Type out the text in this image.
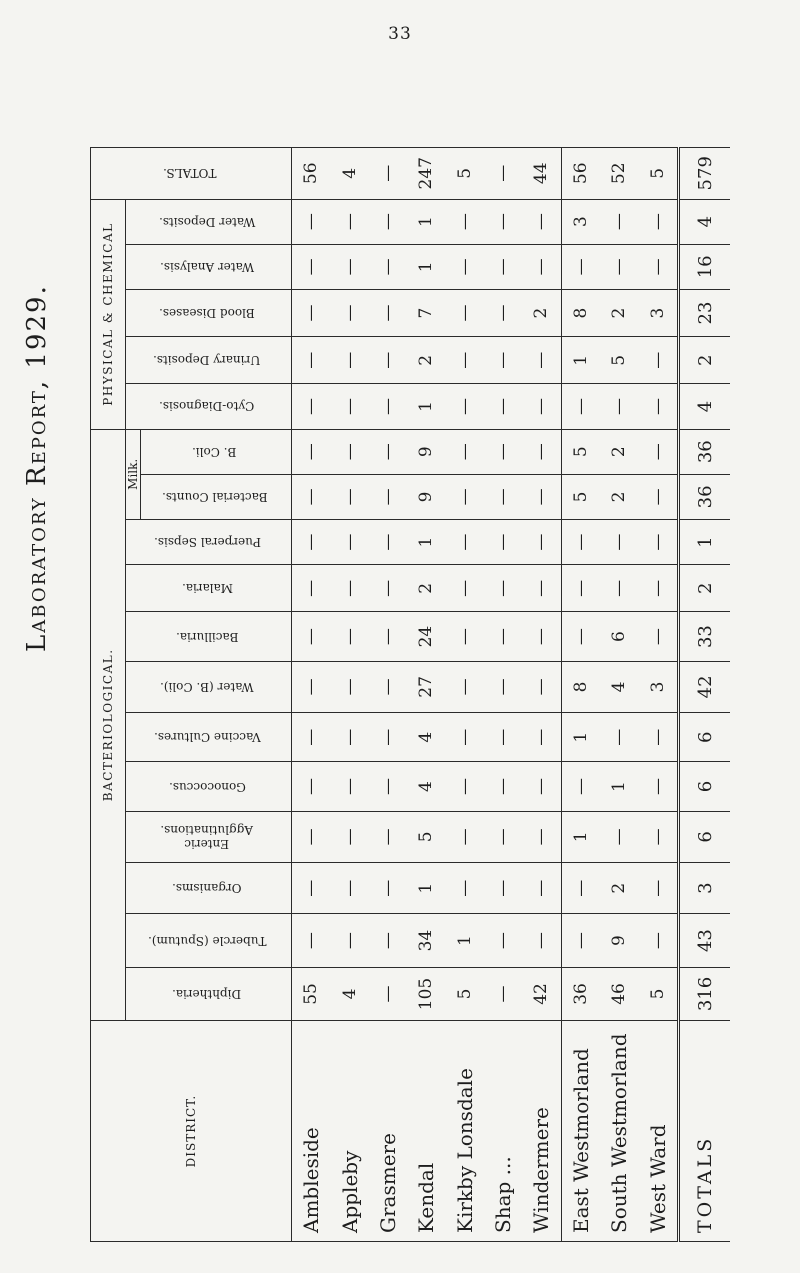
33
Laboratory Report, 1929.
DISTRICT.	BACTERIOLOGICAL.												PHYSICAL & CHEMICAL					TOTALS.
	Diphtheria.	Tubercle (Sputum).	Organisms.	Enteric Agglutinations.	Gonococcus.	Vaccine Cultures.	Water (B. Coli).	Bacilluria.	Malaria.	Puerperal Sepsis.	Milk.		Cyto-Diagnosis.	Urinary Deposits.	Blood Diseases.	Water Analysis.	Water Deposits.	
											Bacterial Counts.	B. Coli.						
Ambleside	55	—	—	—	—	—	—	—	—	—	—	—	—	—	—	—	—	56
Appleby	4	—	—	—	—	—	—	—	—	—	—	—	—	—	—	—	—	4
Grasmere	—	—	—	—	—	—	—	—	—	—	—	—	—	—	—	—	—	—
Kendal	105	34	1	5	4	4	27	24	2	1	9	9	1	2	7	1	1	247
Kirkby Lonsdale	5	1	—	—	—	—	—	—	—	—	—	—	—	—	—	—	—	5
Shap ...	—	—	—	—	—	—	—	—	—	—	—	—	—	—	—	—	—	—
Windermere	42	—	—	—	—	—	—	—	—	—	—	—	—	—	2	—	—	44
East Westmorland	36	—	—	1	—	1	8	—	—	—	5	5	—	1	8	—	3	56
South Westmorland	46	9	2	—	1	—	4	6	—	—	2	2	—	5	2	—	—	52
West Ward	5	—	—	—	—	—	3	—	—	—	—	—	—	—	3	—	—	5
TOTALS	316	43	3	6	6	6	42	33	2	1	36	36	4	2	23	16	4	579
